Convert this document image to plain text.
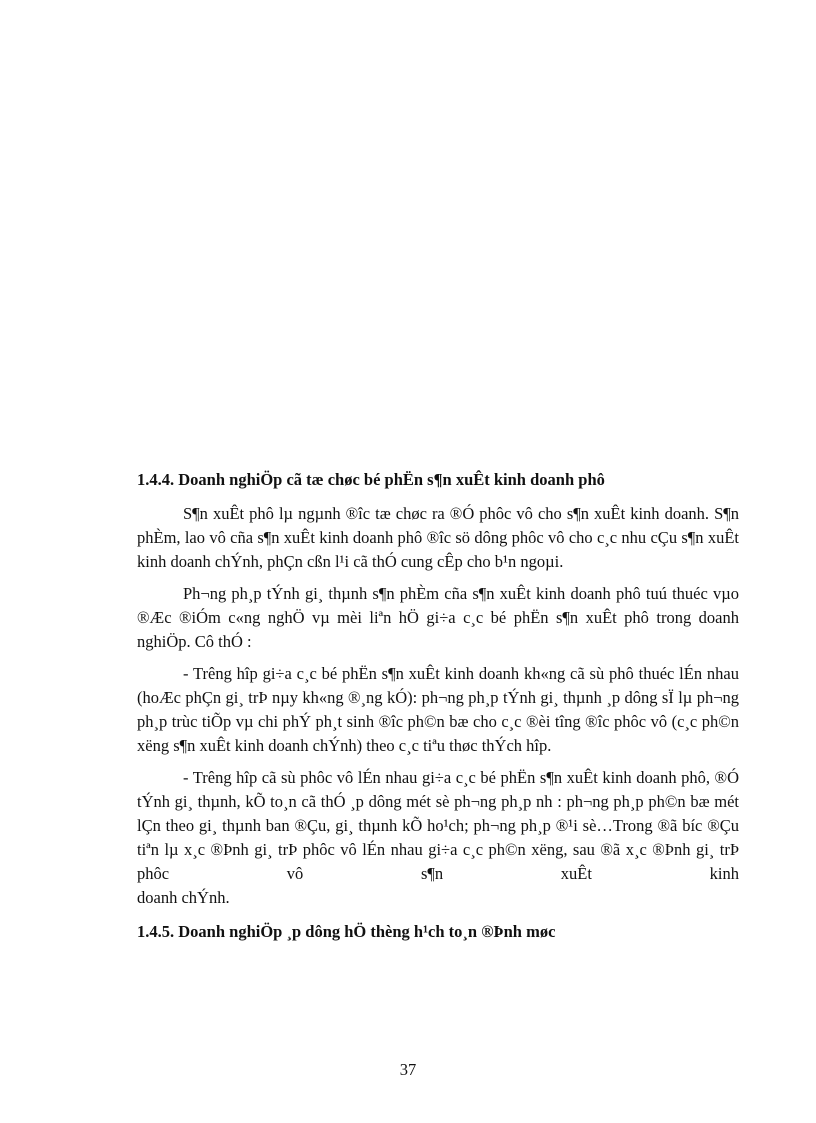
1.4.4. Doanh nghiÖp cã tæ chøc bé phËn s¶n xuÊt kinh doanh phô

S¶n xuÊt phô lµ ngµnh ®îc tæ chøc ra ®Ó phôc vô cho s¶n xuÊt kinh doanh. S¶n phÈm, lao vô cña s¶n xuÊt kinh doanh phô ®îc sö dông phôc vô cho c¸c nhu cÇu s¶n xuÊt kinh doanh chÝnh, phÇn cßn l¹i cã thÓ cung cÊp cho b¹n ngoµi.

Ph¬ng ph¸p tÝnh gi¸ thµnh s¶n phÈm cña s¶n xuÊt kinh doanh phô tuú thuéc vµo ®Æc ®iÓm c«ng nghÖ vµ mèi liªn hÖ gi÷a c¸c bé phËn s¶n xuÊt phô trong doanh nghiÖp. Cô thÓ :

- Trêng hîp gi÷a c¸c bé phËn s¶n xuÊt kinh doanh kh«ng cã sù phô thuéc lÉn nhau (hoÆc phÇn gi¸ trÞ nµy kh«ng ®¸ng kÓ): ph¬ng ph¸p tÝnh gi¸ thµnh ¸p dông sÏ lµ ph¬ng ph¸p trùc tiÕp vµ chi phÝ ph¸t sinh ®îc ph©n bæ cho c¸c ®èi tîng ®îc phôc vô (c¸c ph©n xëng s¶n xuÊt kinh doanh chÝnh) theo c¸c tiªu thøc thÝch hîp.

- Trêng hîp cã sù phôc vô lÉn nhau gi÷a c¸c bé phËn s¶n xuÊt kinh doanh phô, ®Ó tÝnh gi¸ thµnh, kÕ to¸n cã thÓ ¸p dông mét sè ph¬ng ph¸p nh : ph¬ng ph¸p ph©n bæ mét lÇn theo gi¸ thµnh ban ®Çu, gi¸ thµnh kÕ ho¹ch; ph¬ng ph¸p ®¹i sè…Trong ®ã bíc ®Çu tiªn lµ x¸c ®Þnh gi¸ trÞ phôc vô lÉn nhau gi÷a c¸c ph©n xëng, sau ®ã x¸c ®Þnh gi¸ trÞ phôc vô s¶n xuÊt kinh

doanh chÝnh.

1.4.5. Doanh nghiÖp ¸p dông hÖ thèng h¹ch to¸n ®Þnh møc

37
